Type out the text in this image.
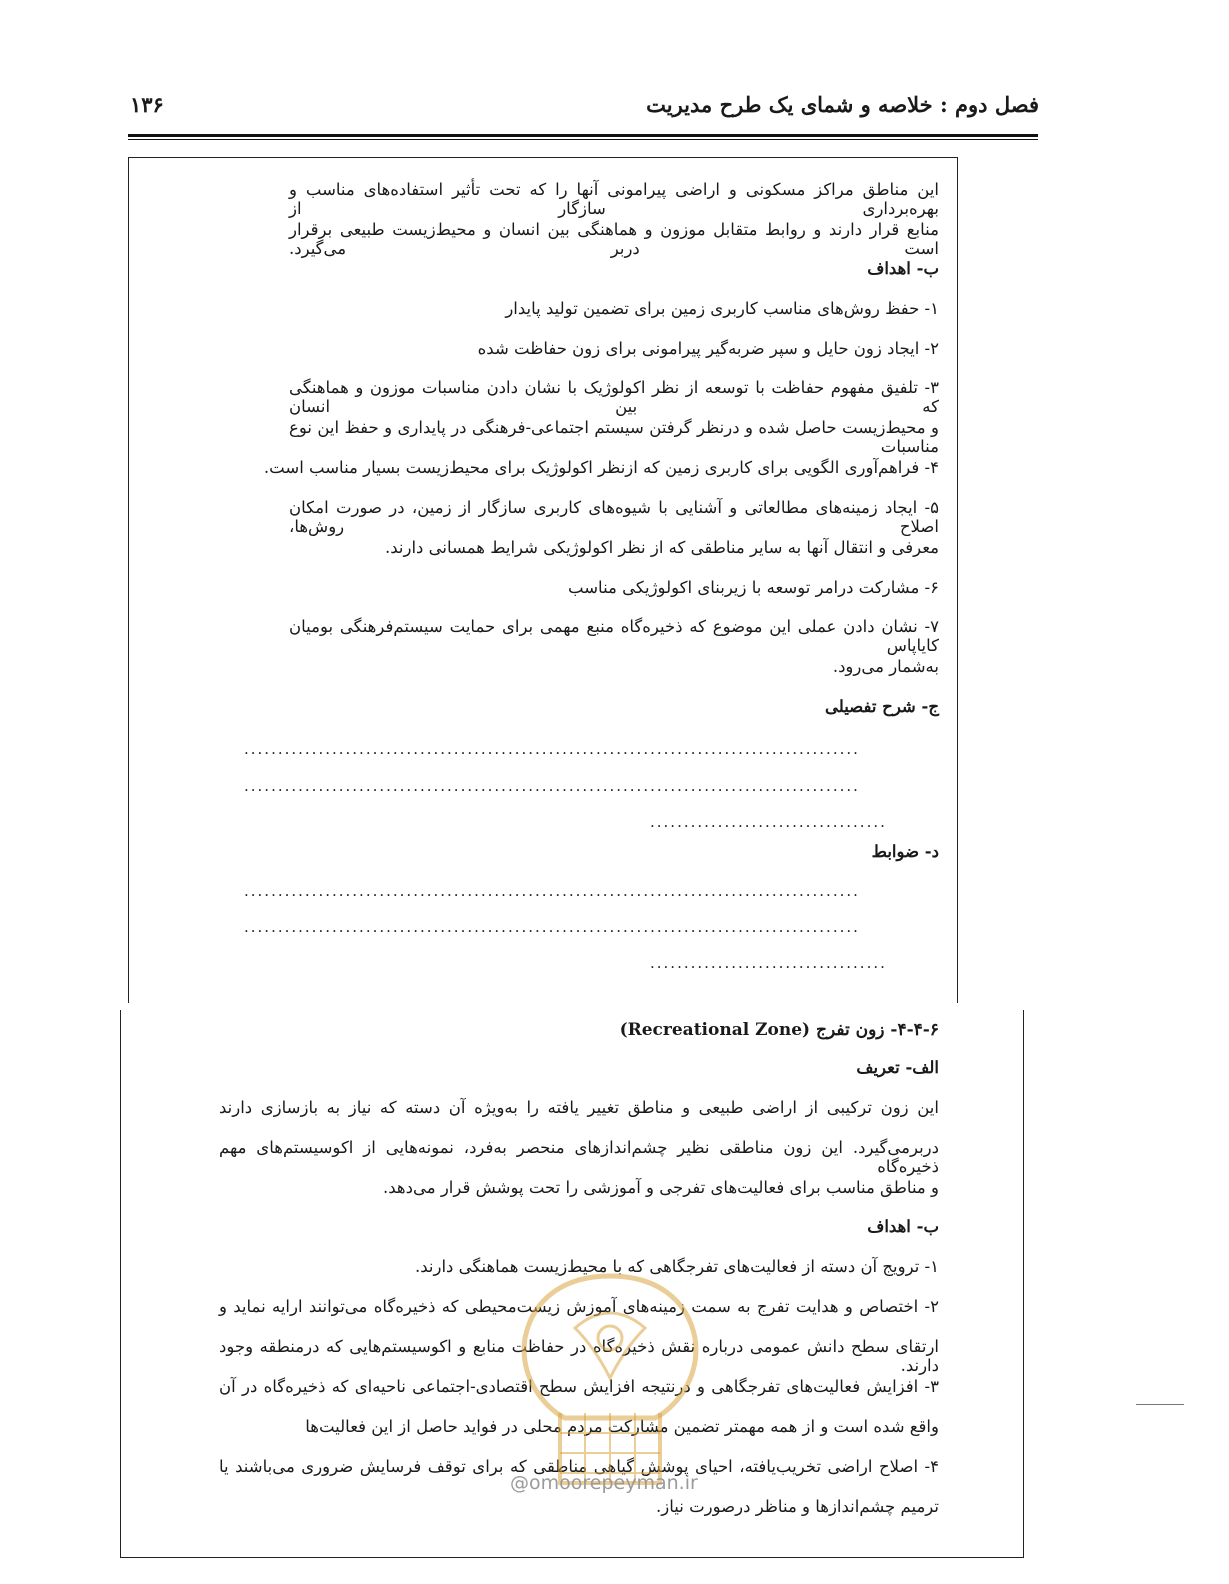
فصل دوم : خلاصه و شمای یک طرح مدیریت
۱۳۶
این مناطق مراکز مسکونی و اراضی پیرامونی آنها را که تحت تأثیر استفاده‌های مناسب و بهره‌برداری سازگار از
منابع قرار دارند و روابط متقابل موزون و هماهنگی بین انسان و محیط‌زیست طبیعی برقرار است دربر می‌گیرد.
ب- اهداف
۱- حفظ روش‌های مناسب کاربری زمین برای تضمین تولید پایدار
۲- ایجاد زون حایل و سپر ضربه‌گیر پیرامونی برای زون حفاظت شده
۳- تلفیق مفهوم حفاظت با توسعه از نظر اکولوژیک با نشان دادن مناسبات موزون و هماهنگی که بین انسان
و محیط‌زیست حاصل شده و درنظر گرفتن سیستم اجتماعی-فرهنگی در پایداری و حفظ این نوع مناسبات
۴- فراهم‌آوری الگویی برای کاربری زمین که ازنظر اکولوژیک برای محیط‌زیست بسیار مناسب است.
۵- ایجاد زمینه‌های مطالعاتی و آشنایی با شیوه‌های کاربری سازگار از زمین، در صورت امکان اصلاح روش‌ها،
معرفی و انتقال آنها به سایر مناطقی که از نظر اکولوژیکی شرایط همسانی دارند.
۶- مشارکت درامر توسعه با زیربنای اکولوژیکی مناسب
۷- نشان دادن عملی این موضوع که ذخیره‌گاه منبع مهمی برای حمایت سیستم‌فرهنگی بومیان کایاپاس
به‌شمار می‌رود.
ج- شرح تفصیلی
...........................................................................................
...........................................................................................
...................................
د- ضوابط
...........................................................................................
...........................................................................................
...................................
۴-۴-۶- زون تفرج (Recreational Zone)
الف- تعریف
این زون ترکیبی از اراضی طبیعی و مناطق تغییر یافته را به‌ویژه آن دسته که نیاز به بازسازی دارند
دربرمی‌گیرد. این زون مناطقی نظیر چشم‌اندازهای منحصر به‌فرد، نمونه‌هایی از اکوسیستم‌های مهم ذخیره‌گاه
و مناطق مناسب برای فعالیت‌های تفرجی و آموزشی را تحت پوشش قرار می‌دهد.
ب- اهداف
۱- ترویج آن دسته از فعالیت‌های تفرجگاهی که با محیط‌زیست هماهنگی دارند.
۲- اختصاص و هدایت تفرج به سمت زمینه‌های آموزش زیست‌محیطی که ذخیره‌گاه می‌توانند ارایه نماید و
ارتقای سطح دانش عمومی درباره نقش ذخیره‌گاه در حفاظت منابع و اکوسیستم‌هایی که درمنطقه وجود دارند.
۳- افزایش فعالیت‌های تفرجگاهی و درنتیجه افزایش سطح اقتصادی-اجتماعی ناحیه‌ای که ذخیره‌گاه در آن
واقع شده است و از همه مهمتر تضمین مشارکت مردم محلی در فواید حاصل از این فعالیت‌ها
۴- اصلاح اراضی تخریب‌یافته، احیای پوشش گیاهی مناطقی که برای توقف فرسایش ضروری می‌باشند یا
ترمیم چشم‌اندازها و مناظر درصورت نیاز.
@omoorepeyman.ir
